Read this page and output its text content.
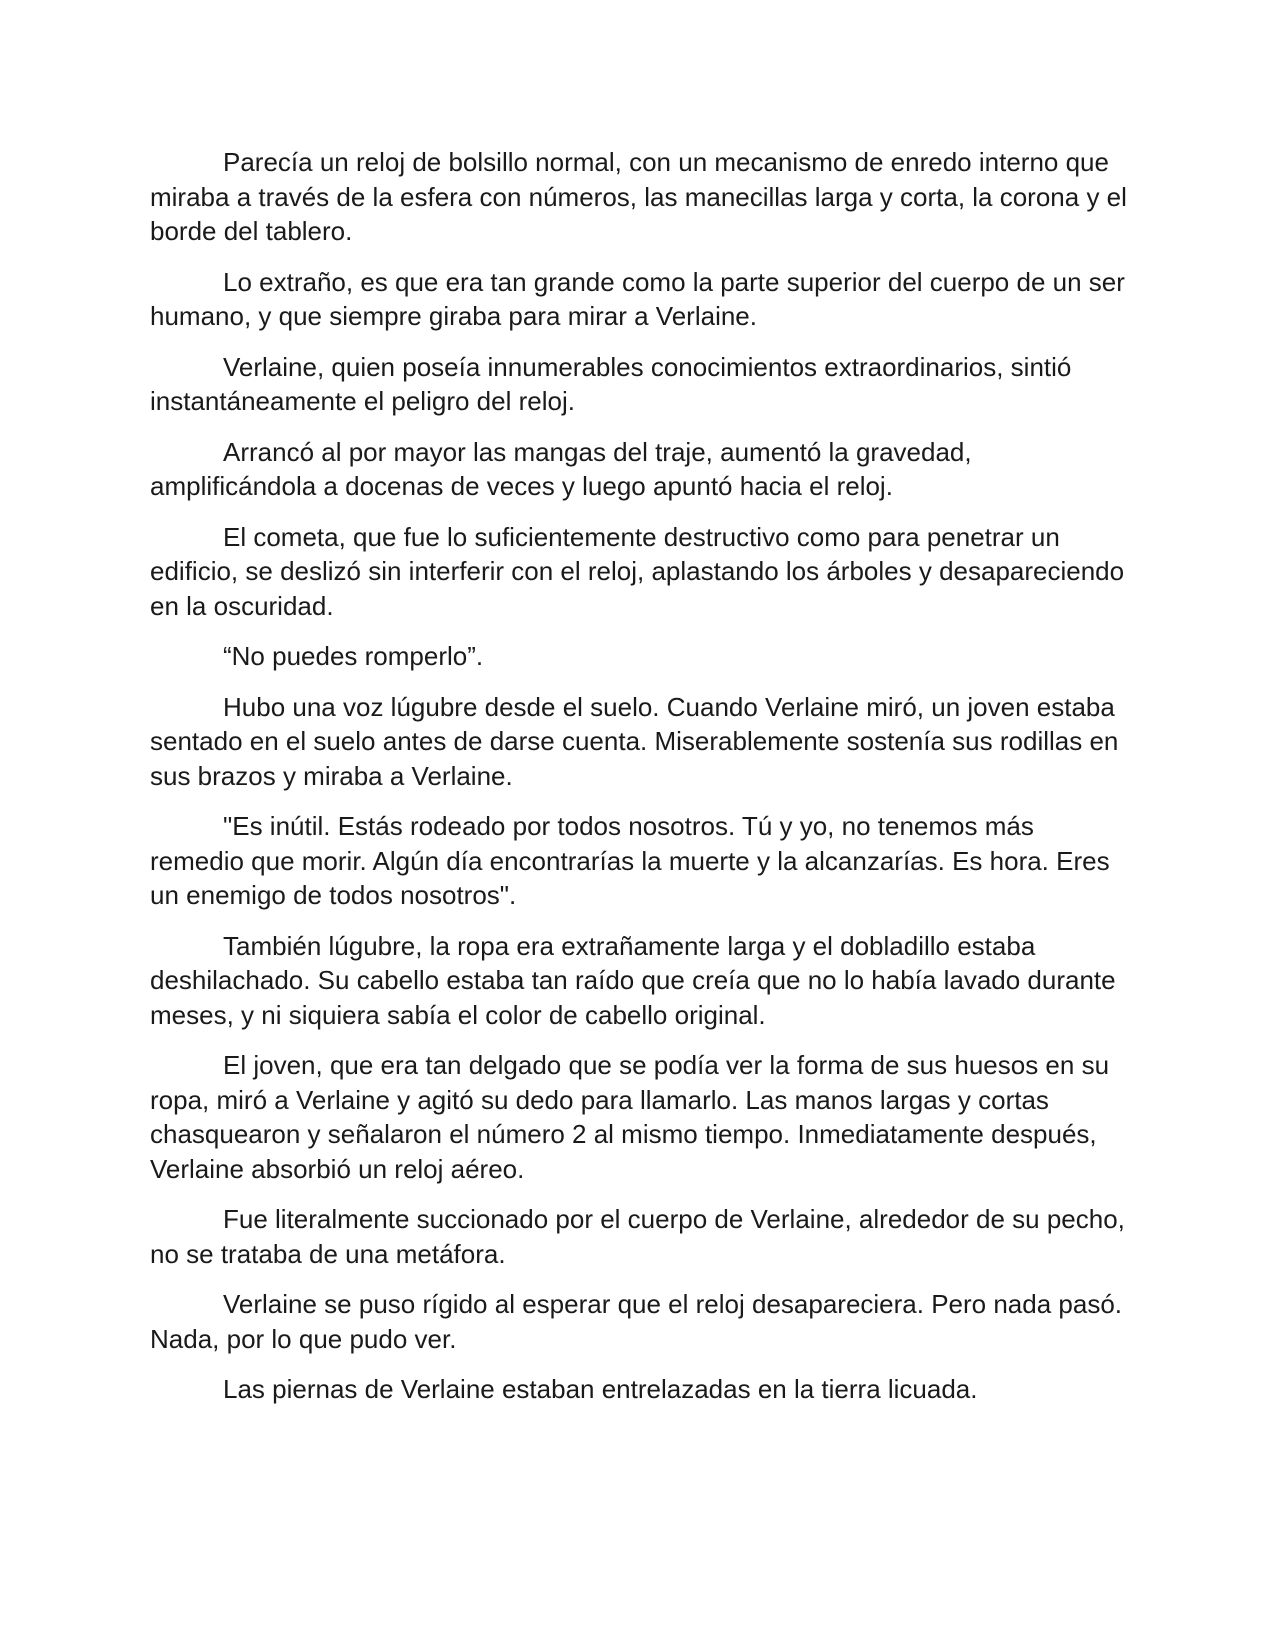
Parecía un reloj de bolsillo normal, con un mecanismo de enredo interno que miraba a través de la esfera con números, las manecillas larga y corta, la corona y el borde del tablero.

Lo extraño, es que era tan grande como la parte superior del cuerpo de un ser humano, y que siempre giraba para mirar a Verlaine.

Verlaine, quien poseía innumerables conocimientos extraordinarios, sintió instantáneamente el peligro del reloj.

Arrancó al por mayor las mangas del traje, aumentó la gravedad, amplificándola a docenas de veces y luego apuntó hacia el reloj.

El cometa, que fue lo suficientemente destructivo como para penetrar un edificio, se deslizó sin interferir con el reloj, aplastando los árboles y desapareciendo en la oscuridad.

“No puedes romperlo”.

Hubo una voz lúgubre desde el suelo. Cuando Verlaine miró, un joven estaba sentado en el suelo antes de darse cuenta. Miserablemente sostenía sus rodillas en sus brazos y miraba a Verlaine.

"Es inútil. Estás rodeado por todos nosotros. Tú y yo, no tenemos más remedio que morir. Algún día encontrarías la muerte y la alcanzarías. Es hora. Eres un enemigo de todos nosotros".

También lúgubre, la ropa era extrañamente larga y el dobladillo estaba deshilachado. Su cabello estaba tan raído que creía que no lo había lavado durante meses, y ni siquiera sabía el color de cabello original.

El joven, que era tan delgado que se podía ver la forma de sus huesos en su ropa, miró a Verlaine y agitó su dedo para llamarlo. Las manos largas y cortas chasquearon y señalaron el número 2 al mismo tiempo. Inmediatamente después, Verlaine absorbió un reloj aéreo.

Fue literalmente succionado por el cuerpo de Verlaine, alrededor de su pecho, no se trataba de una metáfora.

Verlaine se puso rígido al esperar que el reloj desapareciera. Pero nada pasó. Nada, por lo que pudo ver.

Las piernas de Verlaine estaban entrelazadas en la tierra licuada.
